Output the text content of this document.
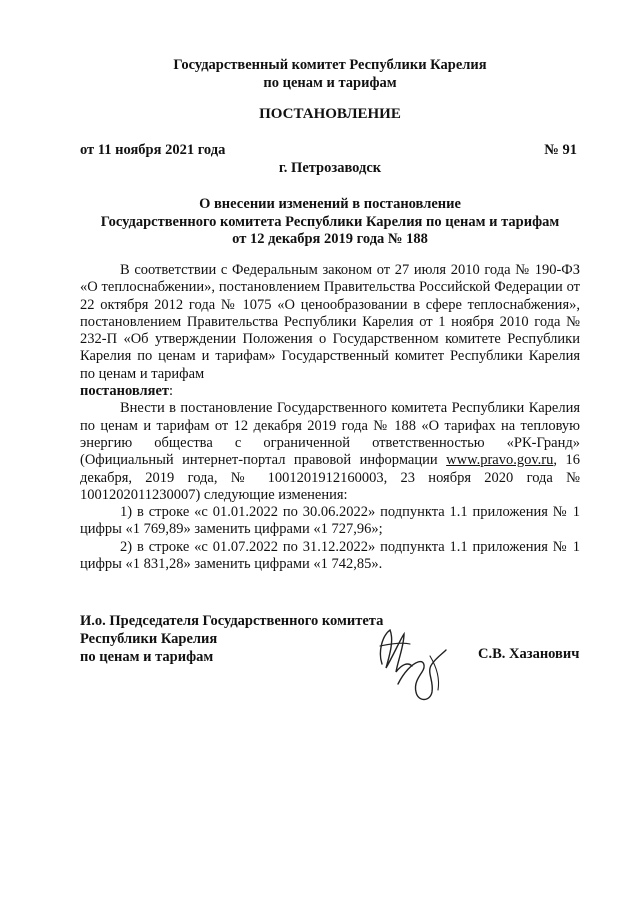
Государственный комитет Республики Карелия
по ценам и тарифам
ПОСТАНОВЛЕНИЕ
от 11 ноября 2021 года	№ 91
г. Петрозаводск
О внесении изменений в постановление
Государственного комитета Республики Карелия по ценам и тарифам
от 12 декабря 2019 года № 188

В соответствии с Федеральным законом от 27 июля 2010 года № 190-ФЗ «О теплоснабжении», постановлением Правительства Российской Федерации от 22 октября 2012 года № 1075 «О ценообразовании в сфере теплоснабжения», постановлением Правительства Республики Карелия от 1 ноября 2010 года № 232-П «Об утверждении Положения о Государственном комитете Республики Карелия по ценам и тарифам» Государственный комитет Республики Карелия по ценам и тарифам
постановляет:

Внести в постановление Государственного комитета Республики Карелия по ценам и тарифам от 12 декабря 2019 года № 188 «О тарифах на тепловую энергию общества с ограниченной ответственностью «РК-Гранд» (Официальный интернет-портал правовой информации www.pravo.gov.ru, 16 декабря, 2019 года, № 1001201912160003, 23 ноября 2020 года № 1001202011230007) следующие изменения:

1) в строке «с 01.01.2022 по 30.06.2022» подпункта 1.1 приложения № 1 цифры «1 769,89» заменить цифрами «1 727,96»;

2) в строке «с 01.07.2022 по 31.12.2022» подпункта 1.1 приложения № 1 цифры «1 831,28» заменить цифрами «1 742,85».

И.о. Председателя Государственного комитета
Республики Карелия
по ценам и тарифам	С.В. Хазанович
